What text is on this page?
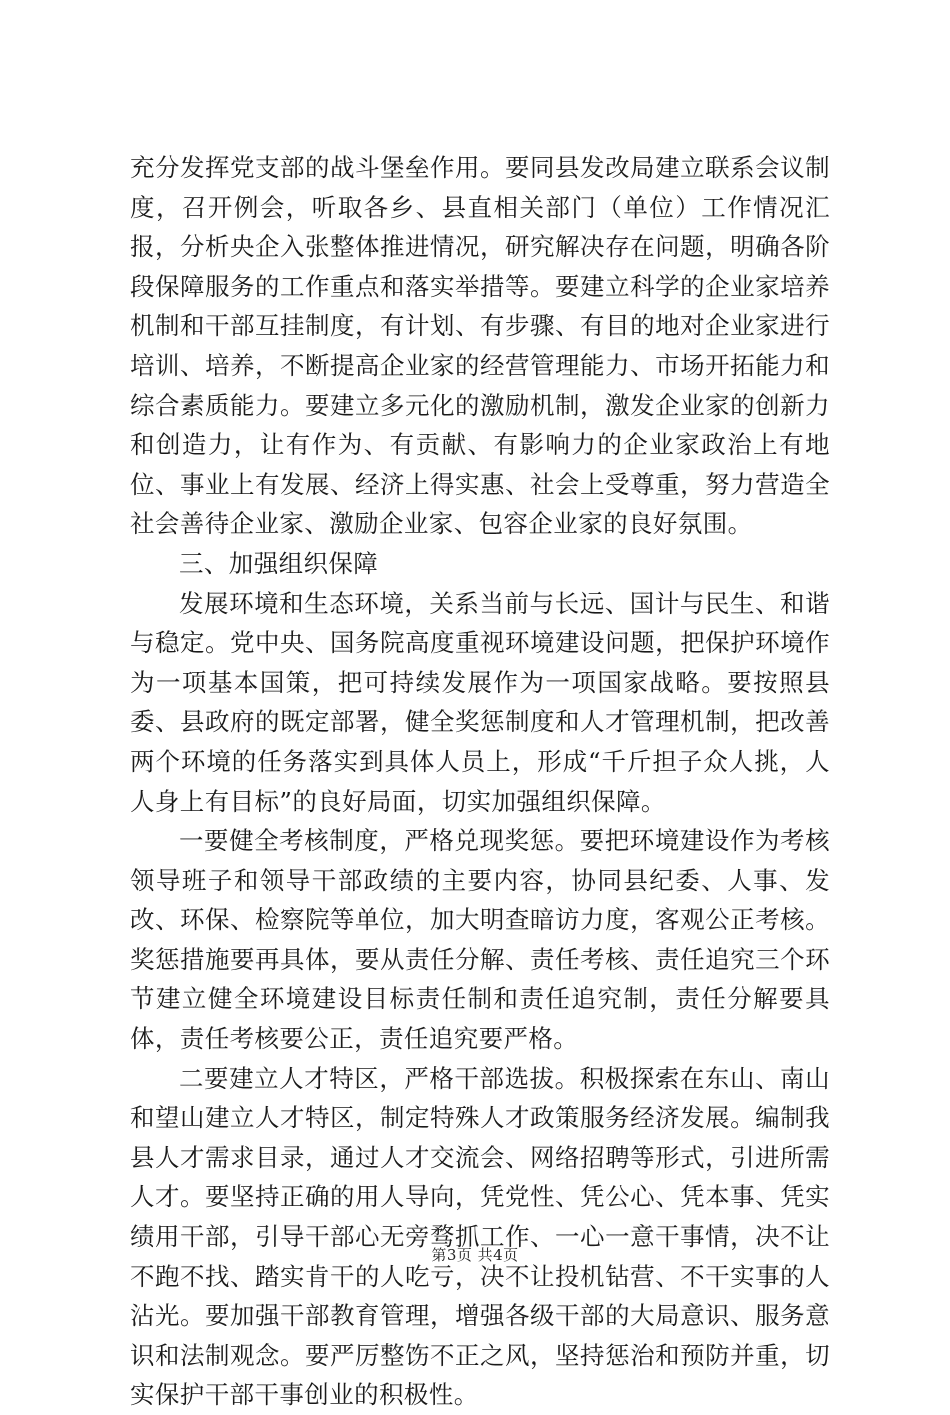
充分发挥党支部的战斗堡垒作用。要同县发改局建立联系会议制度，召开例会，听取各乡、县直相关部门（单位）工作情况汇报，分析央企入张整体推进情况，研究解决存在问题，明确各阶段保障服务的工作重点和落实举措等。要建立科学的企业家培养机制和干部互挂制度，有计划、有步骤、有目的地对企业家进行培训、培养，不断提高企业家的经营管理能力、市场开拓能力和综合素质能力。要建立多元化的激励机制，激发企业家的创新力和创造力，让有作为、有贡献、有影响力的企业家政治上有地位、事业上有发展、经济上得实惠、社会上受尊重，努力营造全社会善待企业家、激励企业家、包容企业家的良好氛围。

三、加强组织保障

发展环境和生态环境，关系当前与长远、国计与民生、和谐与稳定。党中央、国务院高度重视环境建设问题，把保护环境作为一项基本国策，把可持续发展作为一项国家战略。要按照县委、县政府的既定部署，健全奖惩制度和人才管理机制，把改善两个环境的任务落实到具体人员上，形成“千斤担子众人挑，人人身上有目标”的良好局面，切实加强组织保障。

一要健全考核制度，严格兑现奖惩。要把环境建设作为考核领导班子和领导干部政绩的主要内容，协同县纪委、人事、发改、环保、检察院等单位，加大明查暗访力度，客观公正考核。奖惩措施要再具体，要从责任分解、责任考核、责任追究三个环节建立健全环境建设目标责任制和责任追究制，责任分解要具体，责任考核要公正，责任追究要严格。

二要建立人才特区，严格干部选拔。积极探索在东山、南山和望山建立人才特区，制定特殊人才政策服务经济发展。编制我县人才需求目录，通过人才交流会、网络招聘等形式，引进所需人才。要坚持正确的用人导向，凭党性、凭公心、凭本事、凭实绩用干部，引导干部心无旁骛抓工作、一心一意干事情，决不让不跑不找、踏实肯干的人吃亏，决不让投机钻营、不干实事的人沾光。要加强干部教育管理，增强各级干部的大局意识、服务意识和法制观念。要严厉整饬不正之风，坚持惩治和预防并重，切实保护干部干事创业的积极性。

第3页 共4页
